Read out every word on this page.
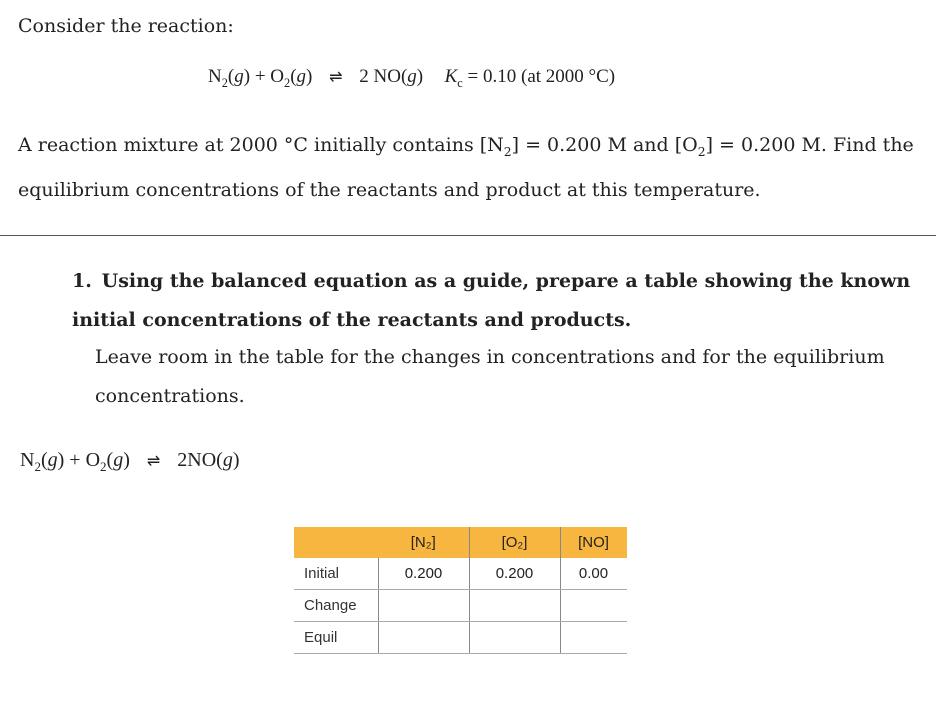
Consider the reaction:
$N_2(g) + O_2(g)$ ⇌ 2 NO(g)  $K_c = 0.10$ (at 2000 °C)
A reaction mixture at 2000 °C initially contains $[N_2] = 0.200$ M and $[O_2] = 0.200$ M. Find the equilibrium concentrations of the reactants and product at this temperature.
1. Using the balanced equation as a guide, prepare a table showing the known initial concentrations of the reactants and products.
Leave room in the table for the changes in concentrations and for the equilibrium concentrations.
$N_2(g) + O_2(g)$ ⇌ 2NO(g)
	[N₂]	[O₂]	[NO]
Initial	0.200	0.200	0.00
Change			
Equil			
